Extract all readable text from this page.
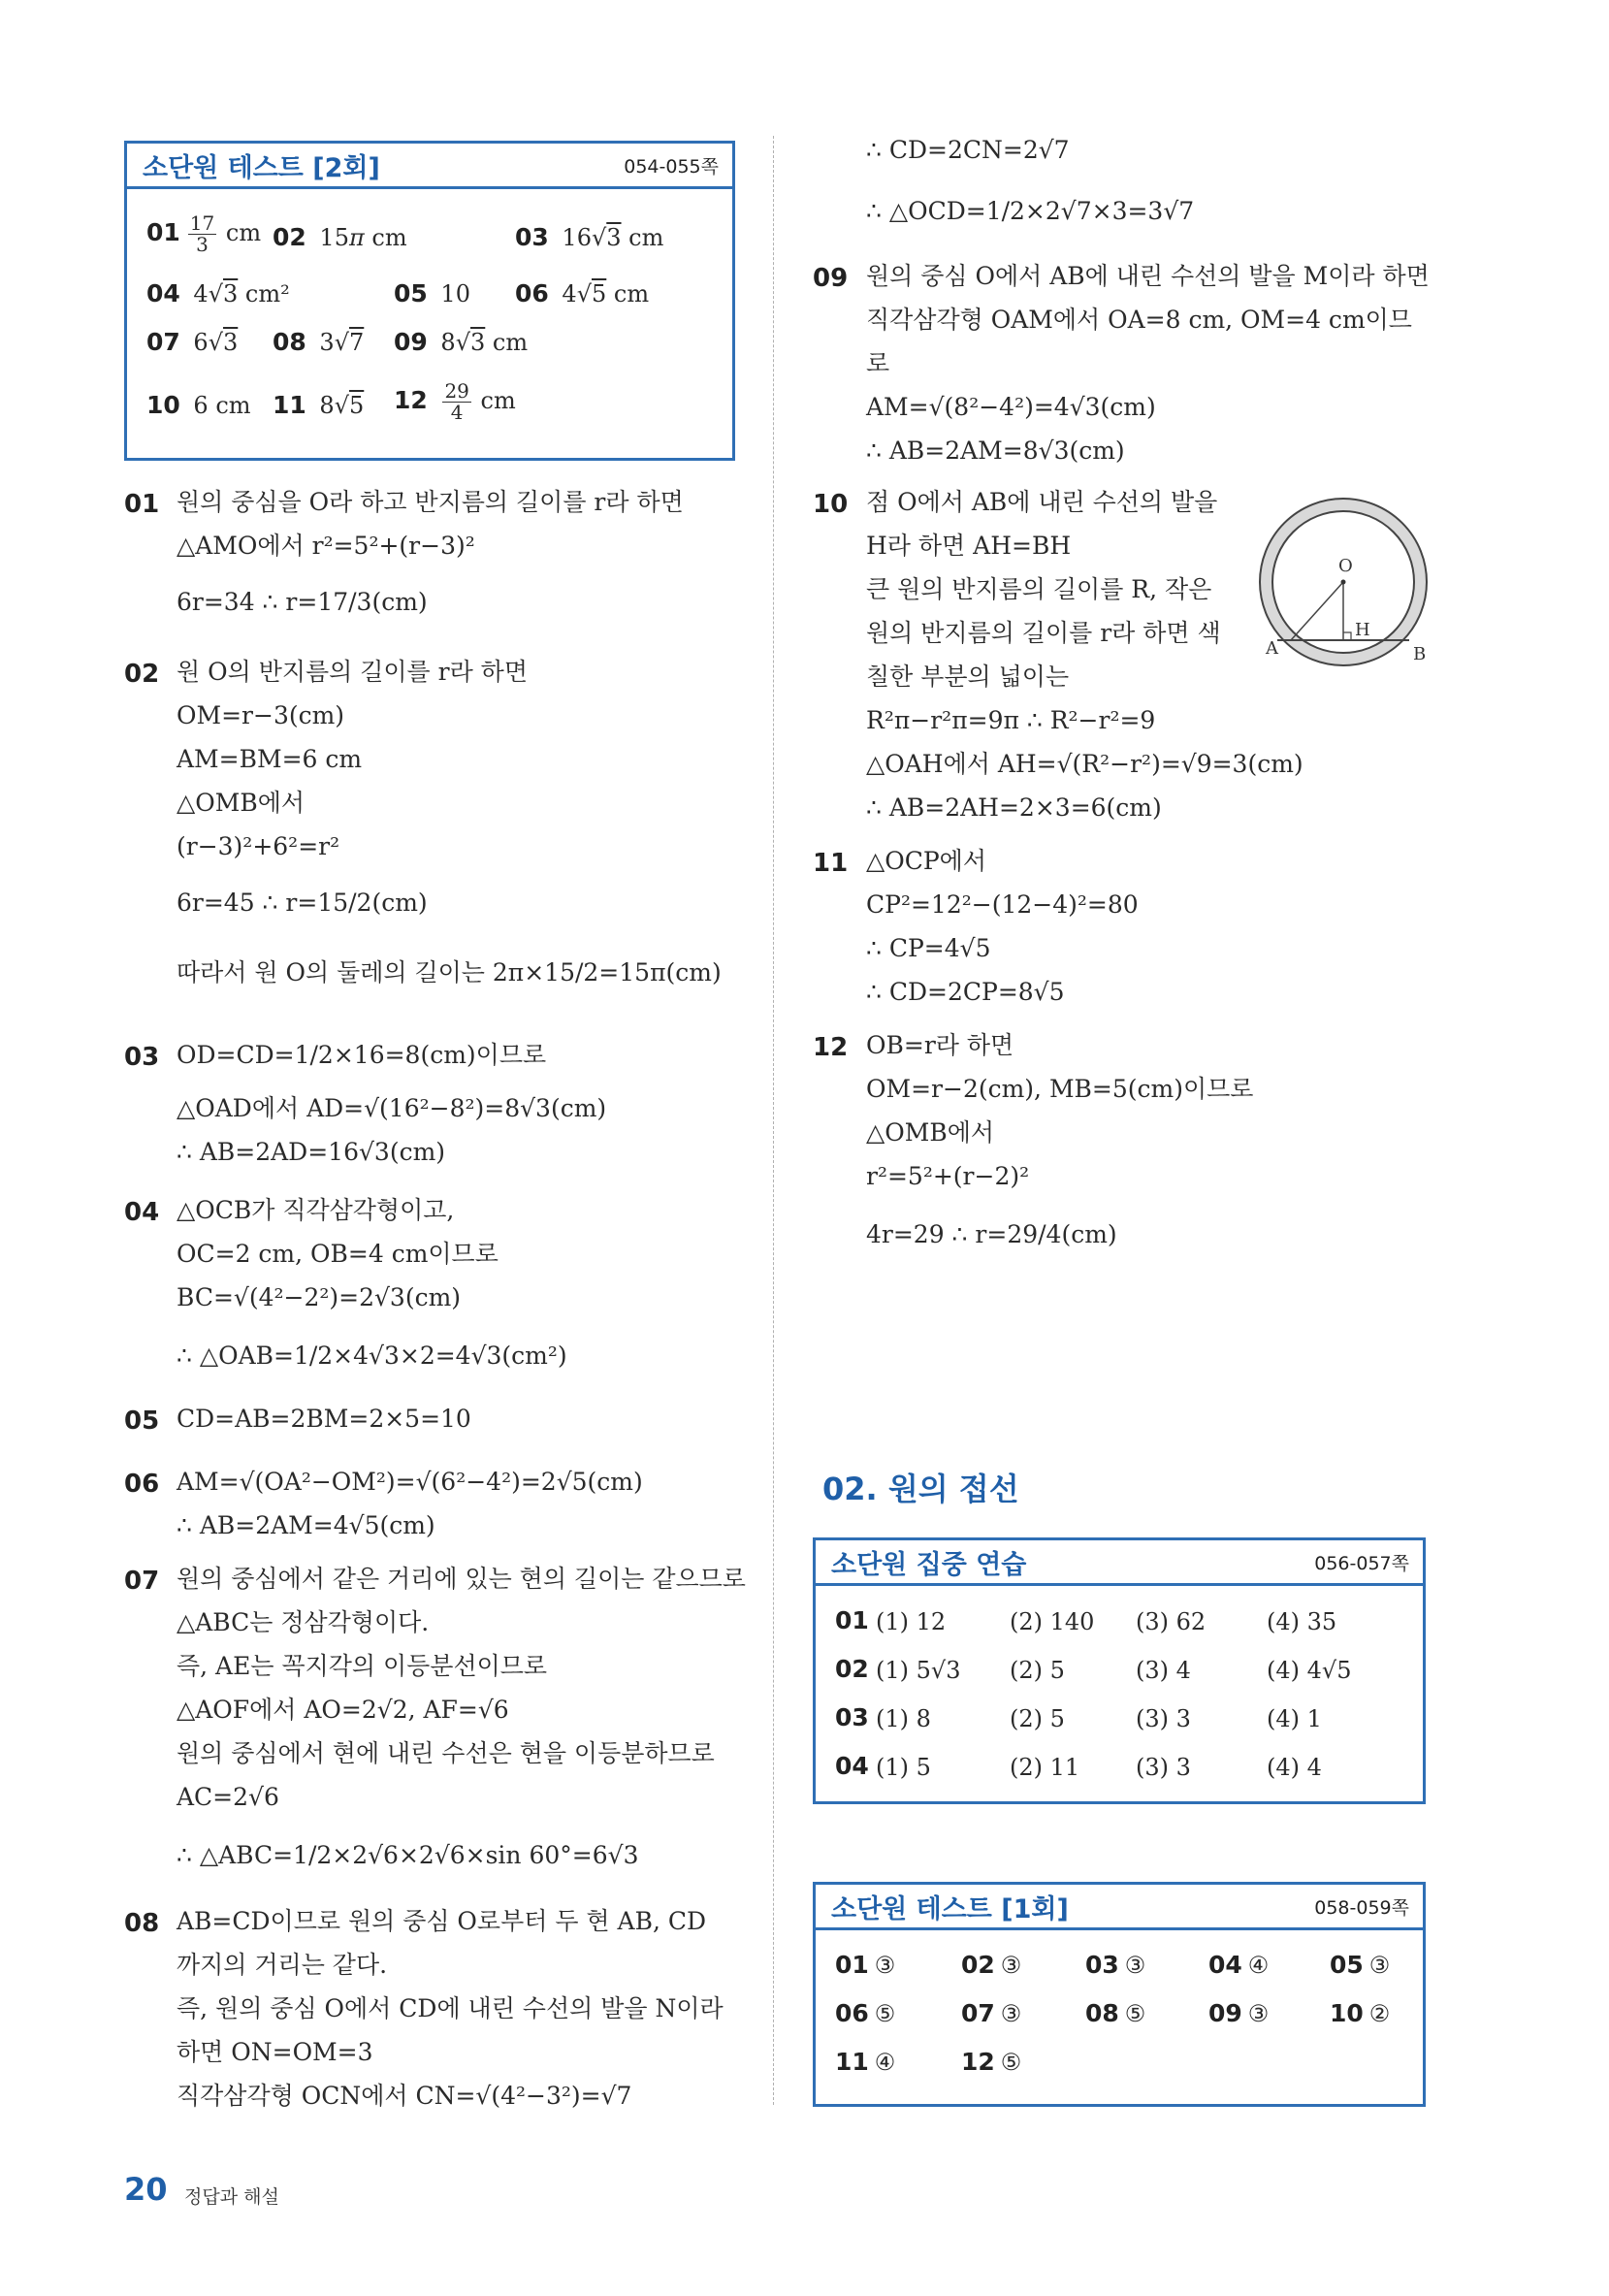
소단원 테스트 [2회]	054-055쪽
$01 \frac{17}{3}$ cm 02 15π cm	03 16√3 cm
04 4√3 cm²	05 10 06 4√5 cm
07 6√3 08 3√7 09 8√3 cm
10 6 cm 11 8√5 $12 \frac{29}{4}$ cm
01 원의 중심을 O라 하고 반지름의 길이를 r라 하면
△AMO에서 r²=5²+(r−3)²
6r=34 ∴ r=17/3(cm)
02 원 O의 반지름의 길이를 r라 하면
OM=r−3(cm)
AM=BM=6 cm
△OMB에서
(r−3)²+6²=r²
6r=45 ∴ r=15/2(cm)
따라서 원 O의 둘레의 길이는 2π×15/2=15π(cm)
03 OD=CD=1/2×16=8(cm)이므로
△OAD에서 AD=√(16²−8²)=8√3(cm)
∴ AB=2AD=16√3(cm)
04 △OCB가 직각삼각형이고,
OC=2 cm, OB=4 cm이므로
BC=√(4²−2²)=2√3(cm)
∴ △OAB=1/2×4√3×2=4√3(cm²)
05 CD=AB=2BM=2×5=10
06 AM=√(OA²−OM²)=√(6²−4²)=2√5(cm)
∴ AB=2AM=4√5(cm)
07 원의 중심에서 같은 거리에 있는 현의 길이는 같으므로
△ABC는 정삼각형이다.
즉, AE는 꼭지각의 이등분선이므로
△AOF에서 AO=2√2, AF=√6
원의 중심에서 현에 내린 수선은 현을 이등분하므로
AC=2√6
∴ △ABC=1/2×2√6×2√6×sin 60°=6√3
08 AB=CD이므로 원의 중심 O로부터 두 현 AB, CD
까지의 거리는 같다.
즉, 원의 중심 O에서 CD에 내린 수선의 발을 N이라
하면 ON=OM=3
직각삼각형 OCN에서 CN=√(4²−3²)=√7
∴ CD=2CN=2√7
∴ △OCD=1/2×2√7×3=3√7
09 원의 중심 O에서 AB에 내린 수선의 발을 M이라 하면
직각삼각형 OAM에서 OA=8 cm, OM=4 cm이므
로
AM=√(8²−4²)=4√3(cm)
∴ AB=2AM=8√3(cm)
10 점 O에서 AB에 내린 수선의 발을
H라 하면 AH=BH
큰 원의 반지름의 길이를 R, 작은
원의 반지름의 길이를 r라 하면 색
칠한 부분의 넓이는
R²π−r²π=9π ∴ R²−r²=9
△OAH에서 AH=√(R²−r²)=√9=3(cm)
∴ AB=2AH=2×3=6(cm)
O
H
A	B
11 △OCP에서
CP²=12²−(12−4)²=80
∴ CP=4√5
∴ CD=2CP=8√5
12 OB=r라 하면
OM=r−2(cm), MB=5(cm)이므로
△OMB에서
r²=5²+(r−2)²
4r=29 ∴ r=29/4(cm)
02. 원의 접선
소단원 집중 연습	056-057쪽
01 (1) 12	(2) 140 (3) 62	(4) 35
02 (1) 5√3 (2) 5	(3) 4	(4) 4√5
03 (1) 8	(2) 5	(3) 3	(4) 1
04 (1) 5	(2) 11 (3) 3	(4) 4
소단원 테스트 [1회]	058-059쪽
01 ③	02 ③	03 ③	04 ④	05 ③
06 ⑤	07 ③	08 ⑤	09 ③	10 ②
11 ④	12 ⑤
20 정답과 해설
